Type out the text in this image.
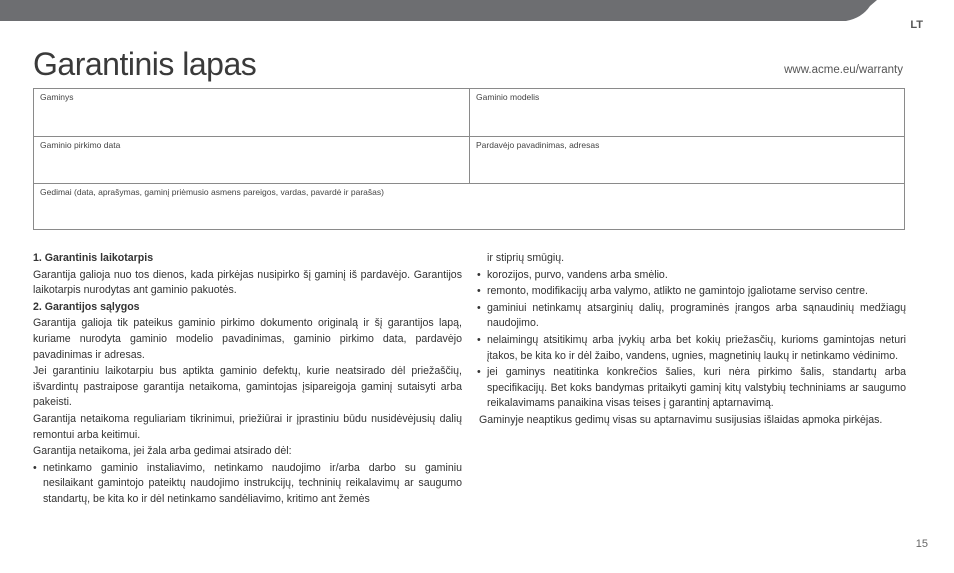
LT
Garantinis lapas	www.acme.eu/warranty
Gaminys	Gaminio modelis
Gaminio pirkimo data	Pardavėjo pavadinimas, adresas
Gedimai (data, aprašymas, gaminį priėmusio asmens pareigos, vardas, pavardė ir parašas)
1. Garantinis laikotarpis

Garantija galioja nuo tos dienos, kada pirkėjas nusipirko šį gaminį iš pardavėjo. Garantijos laikotarpis nurodytas ant gaminio pakuotės.

2. Garantijos sąlygos

Garantija galioja tik pateikus gaminio pirkimo dokumento originalą ir šį garantijos lapą, kuriame nurodyta gaminio modelio pavadinimas, gaminio pirkimo data, pardavėjo pavadinimas ir adresas.

Jei garantiniu laikotarpiu bus aptikta gaminio defektų, kurie neatsirado dėl priežaščių, išvardintų pastraipose garantija netaikoma, gamintojas įsipareigoja gaminį sutaisyti arba pakeisti.

Garantija netaikoma reguliariam tikrinimui, priežiūrai ir įprastiniu būdu nusidėvėjusių dalių remontui arba keitimui.

Garantija netaikoma, jei žala arba gedimai atsirado dėl:

• netinkamo gaminio instaliavimo, netinkamo naudojimo ir/arba darbo su gaminiu nesilaikant gamintojo pateiktų naudojimo instrukcijų, techninių reikalavimų ar saugumo standartų, be kita ko ir dėl netinkamo sandėliavimo, kritimo ant žemės
ir stiprių smūgių.
• korozijos, purvo, vandens arba smėlio.
• remonto, modifikacijų arba valymo, atlikto ne gamintojo įgaliotame serviso centre.
• gaminiui netinkamų atsarginių dalių, programinės įrangos arba sąnaudinių medžiagų naudojimo.
• nelaimingų atsitikimų arba įvykių arba bet kokių priežasčių, kurioms gamintojas neturi įtakos, be kita ko ir dėl žaibo, vandens, ugnies, magnetinių laukų ir netinkamo vėdinimo.
• jei gaminys neatitinka konkrečios šalies, kuri nėra pirkimo šalis, standartų arba specifikacijų. Bet koks bandymas pritaikyti gaminį kitų valstybių techniniams ar saugumo reikalavimams panaikina visas teises į garantinį aptarnavimą.

Gaminyje neaptikus gedimų visas su aptarnavimu susijusias išlaidas apmoka pirkėjas.

15
